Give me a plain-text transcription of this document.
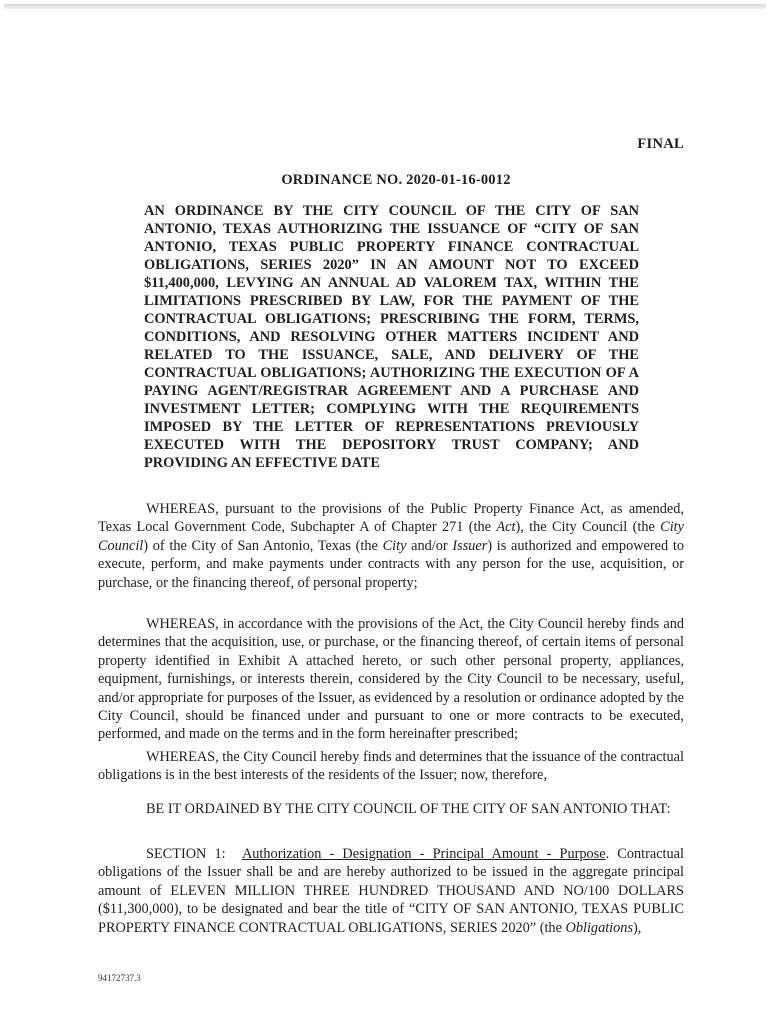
FINAL
ORDINANCE NO. 2020-01-16-0012
AN ORDINANCE BY THE CITY COUNCIL OF THE CITY OF SAN ANTONIO, TEXAS AUTHORIZING THE ISSUANCE OF “CITY OF SAN ANTONIO, TEXAS PUBLIC PROPERTY FINANCE CONTRACTUAL OBLIGATIONS, SERIES 2020” IN AN AMOUNT NOT TO EXCEED $11,400,000, LEVYING AN ANNUAL AD VALOREM TAX, WITHIN THE LIMITATIONS PRESCRIBED BY LAW, FOR THE PAYMENT OF THE CONTRACTUAL OBLIGATIONS; PRESCRIBING THE FORM, TERMS, CONDITIONS, AND RESOLVING OTHER MATTERS INCIDENT AND RELATED TO THE ISSUANCE, SALE, AND DELIVERY OF THE CONTRACTUAL OBLIGATIONS; AUTHORIZING THE EXECUTION OF A PAYING AGENT/REGISTRAR AGREEMENT AND A PURCHASE AND INVESTMENT LETTER; COMPLYING WITH THE REQUIREMENTS IMPOSED BY THE LETTER OF REPRESENTATIONS PREVIOUSLY EXECUTED WITH THE DEPOSITORY TRUST COMPANY; AND PROVIDING AN EFFECTIVE DATE

WHEREAS, pursuant to the provisions of the Public Property Finance Act, as amended, Texas Local Government Code, Subchapter A of Chapter 271 (the Act), the City Council (the City Council) of the City of San Antonio, Texas (the City and/or Issuer) is authorized and empowered to execute, perform, and make payments under contracts with any person for the use, acquisition, or purchase, or the financing thereof, of personal property;

WHEREAS, in accordance with the provisions of the Act, the City Council hereby finds and determines that the acquisition, use, or purchase, or the financing thereof, of certain items of personal property identified in Exhibit A attached hereto, or such other personal property, appliances, equipment, furnishings, or interests therein, considered by the City Council to be necessary, useful, and/or appropriate for purposes of the Issuer, as evidenced by a resolution or ordinance adopted by the City Council, should be financed under and pursuant to one or more contracts to be executed, performed, and made on the terms and in the form hereinafter prescribed;

WHEREAS, the City Council hereby finds and determines that the issuance of the contractual obligations is in the best interests of the residents of the Issuer; now, therefore,

BE IT ORDAINED BY THE CITY COUNCIL OF THE CITY OF SAN ANTONIO THAT:

SECTION 1: Authorization - Designation - Principal Amount - Purpose. Contractual obligations of the Issuer shall be and are hereby authorized to be issued in the aggregate principal amount of ELEVEN MILLION THREE HUNDRED THOUSAND AND NO/100 DOLLARS ($11,300,000), to be designated and bear the title of “CITY OF SAN ANTONIO, TEXAS PUBLIC PROPERTY FINANCE CONTRACTUAL OBLIGATIONS, SERIES 2020” (the Obligations),

94172737.3
